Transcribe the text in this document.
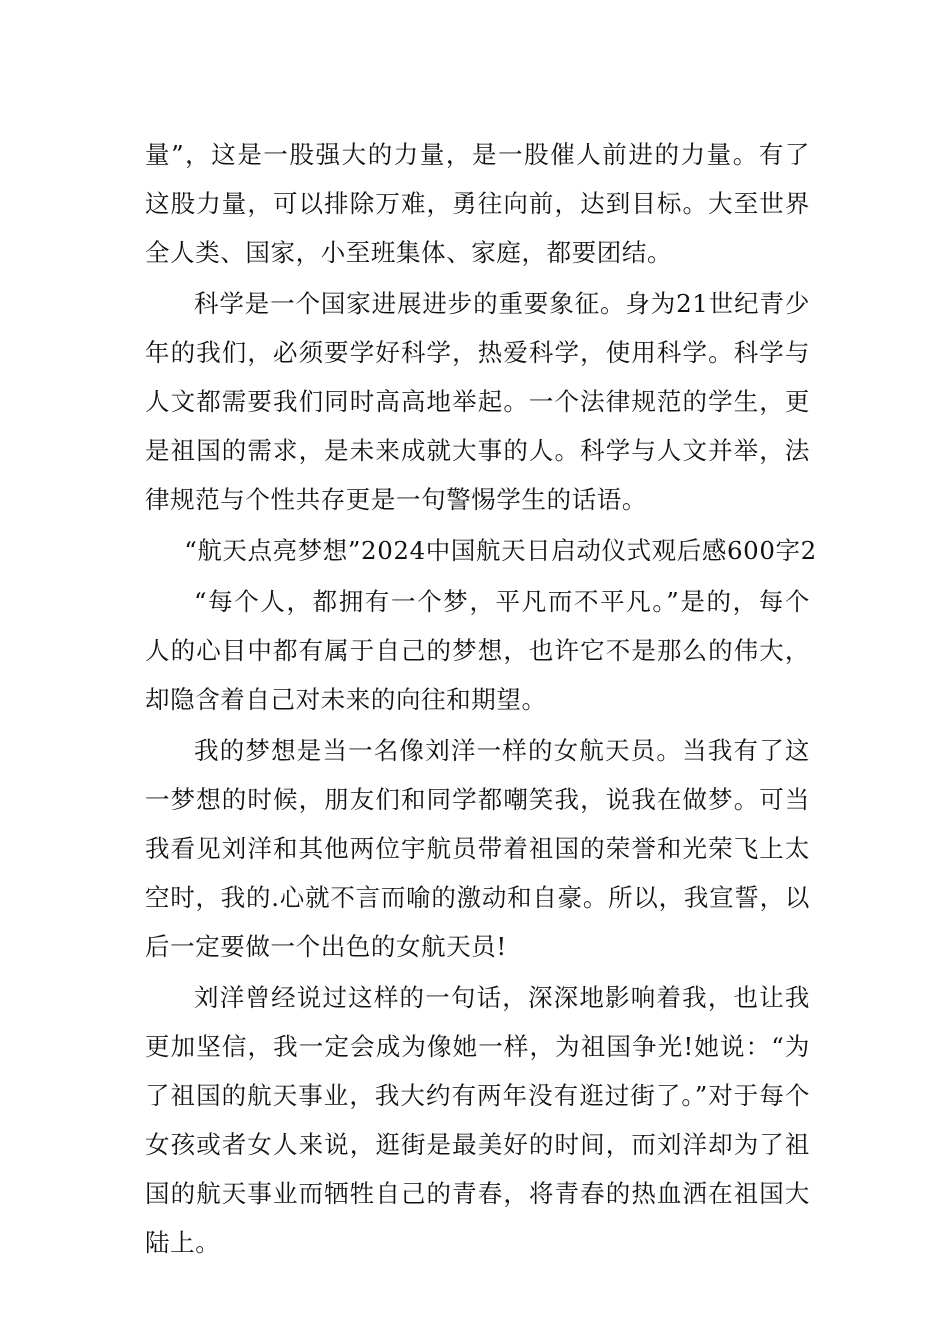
量”，这是一股强大的力量，是一股催人前进的力量。有了这股力量，可以排除万难，勇往向前，达到目标。大至世界全人类、国家，小至班集体、家庭，都要团结。

科学是一个国家进展进步的重要象征。身为21世纪青少年的我们，必须要学好科学，热爱科学，使用科学。科学与人文都需要我们同时高高地举起。一个法律规范的学生，更是祖国的需求，是未来成就大事的人。科学与人文并举，法律规范与个性共存更是一句警惕学生的话语。

“航天点亮梦想”2024中国航天日启动仪式观后感600字2

“每个人，都拥有一个梦，平凡而不平凡。”是的，每个人的心目中都有属于自己的梦想，也许它不是那么的伟大，却隐含着自己对未来的向往和期望。

我的梦想是当一名像刘洋一样的女航天员。当我有了这一梦想的时候，朋友们和同学都嘲笑我，说我在做梦。可当我看见刘洋和其他两位宇航员带着祖国的荣誉和光荣飞上太空时，我的.心就不言而喻的激动和自豪。所以，我宣誓，以后一定要做一个出色的女航天员!

刘洋曾经说过这样的一句话，深深地影响着我，也让我更加坚信，我一定会成为像她一样，为祖国争光!她说：“为了祖国的航天事业，我大约有两年没有逛过街了。”对于每个女孩或者女人来说，逛街是最美好的时间，而刘洋却为了祖国的航天事业而牺牲自己的青春，将青春的热血洒在祖国大陆上。
